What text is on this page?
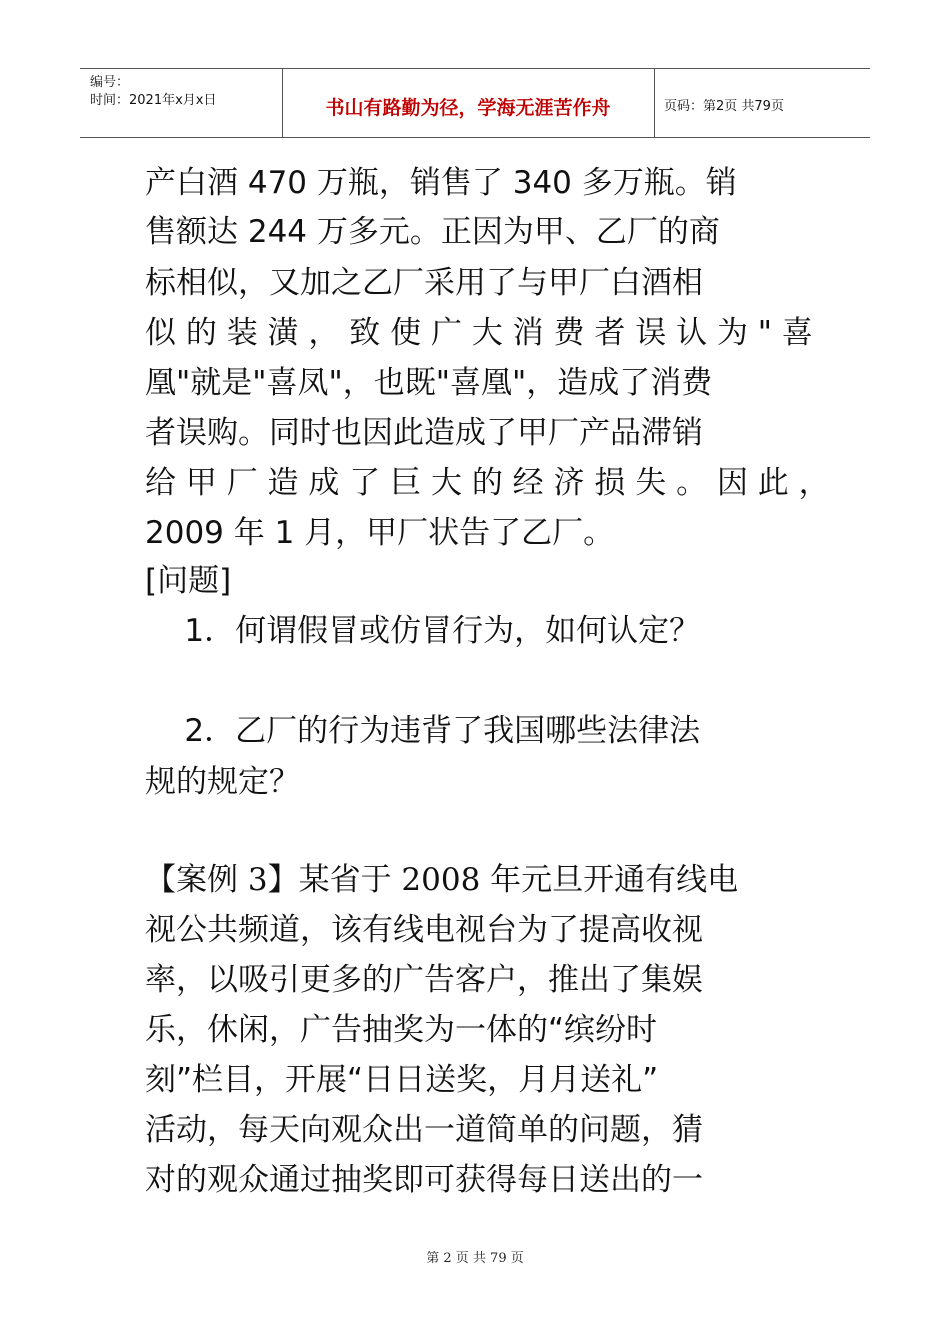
编号：
时间：2021年x月x日	书山有路勤为径，学海无涯苦作舟	页码：第2页 共79页
产白酒 470 万瓶，销售了 340 多万瓶。销
售额达 244 万多元。正因为甲、乙厂的商
标相似，又加之乙厂采用了与甲厂白酒相
似 的 装 潢 ， 致 使 广 大 消 费 者 误 认 为 " 喜
凰"就是"喜凤"，也既"喜凰"，造成了消费
者误购。同时也因此造成了甲厂产品滞销
给 甲 厂 造 成 了 巨 大 的 经 济 损 失 。 因 此 ，
2009 年 1 月，甲厂状告了乙厂。
[问题]
1．何谓假冒或仿冒行为，如何认定？
2．乙厂的行为违背了我国哪些法律法
规的规定？
【案例 3】某省于 2008 年元旦开通有线电
视公共频道，该有线电视台为了提高收视
率，以吸引更多的广告客户，推出了集娱
乐，休闲，广告抽奖为一体的“缤纷时
刻”栏目，开展“日日送奖，月月送礼”
活动，每天向观众出一道简单的问题，猜
对的观众通过抽奖即可获得每日送出的一
第 2 页 共 79 页
